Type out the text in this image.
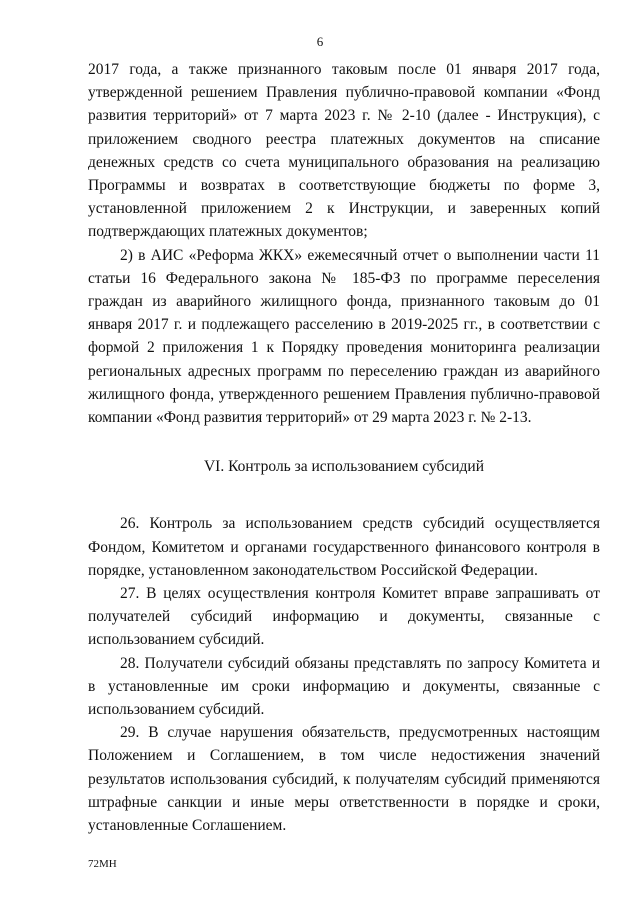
6

2017 года, а также признанного таковым после 01 января 2017 года, утвержденной решением Правления публично-правовой компании «Фонд развития территорий» от 7 марта 2023 г. № 2-10 (далее - Инструкция), с приложением сводного реестра платежных документов на списание денежных средств со счета муниципального образования на реализацию Программы и возвратах в соответствующие бюджеты по форме 3, установленной приложением 2 к Инструкции, и заверенных копий подтверждающих платежных документов;

2) в АИС «Реформа ЖКХ» ежемесячный отчет о выполнении части 11 статьи 16 Федерального закона № 185-ФЗ по программе переселения граждан из аварийного жилищного фонда, признанного таковым до 01 января 2017 г. и подлежащего расселению в 2019-2025 гг., в соответствии с формой 2 приложения 1 к Порядку проведения мониторинга реализации региональных адресных программ по переселению граждан из аварийного жилищного фонда, утвержденного решением Правления публично-правовой компании «Фонд развития территорий» от 29 марта 2023 г. № 2-13.

VI. Контроль за использованием субсидий

26. Контроль за использованием средств субсидий осуществляется Фондом, Комитетом и органами государственного финансового контроля в порядке, установленном законодательством Российской Федерации.

27. В целях осуществления контроля Комитет вправе запрашивать от получателей субсидий информацию и документы, связанные с использованием субсидий.

28. Получатели субсидий обязаны представлять по запросу Комитета и в установленные им сроки информацию и документы, связанные с использованием субсидий.

29. В случае нарушения обязательств, предусмотренных настоящим Положением и Соглашением, в том числе недостижения значений результатов использования субсидий, к получателям субсидий применяются штрафные санкции и иные меры ответственности в порядке и сроки, установленные Соглашением.

72МН
